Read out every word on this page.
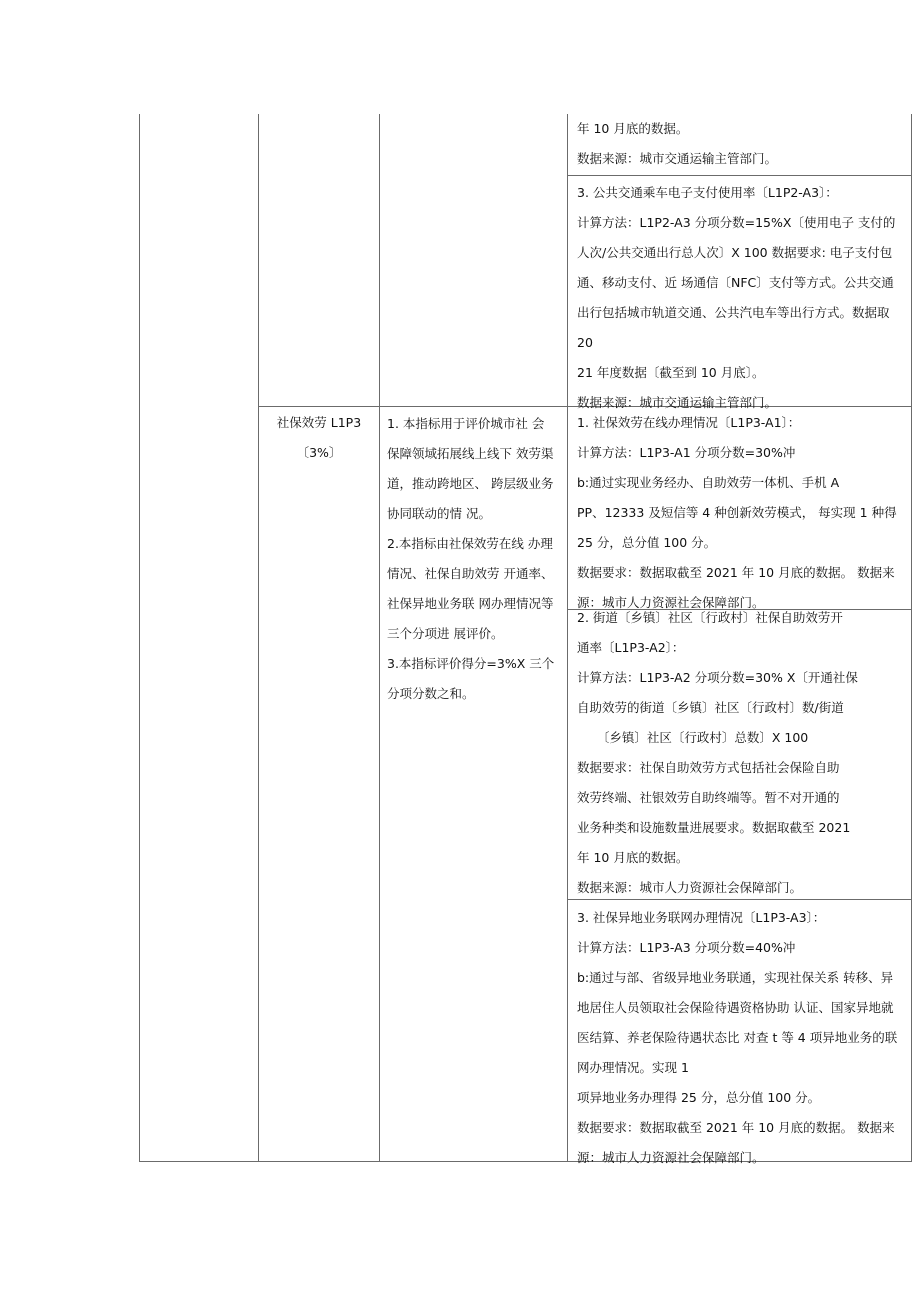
年 10 月底的数据。
数据来源：城市交通运输主管部门。
3. 公共交通乘车电子支付使用率〔L1P2-A3〕：
计算方法：L1P2-A3 分项分数=15%X〔使用电子 支付的
人次/公共交通出行总人次〕X 100 数据要求: 电子支付包
通、移动支付、近 场通信〔NFC〕支付等方式。公共交通
出行包括城市轨道交通、公共汽电车等出行方式。数据取
20
21 年度数据〔截至到 10 月底〕。
数据来源：城市交通运输主管部门。
1. 社保效劳在线办理情况〔L1P3-A1〕：
计算方法：L1P3-A1 分项分数=30%冲
b:通过实现业务经办、自助效劳一体机、手机 A
PP、12333 及短信等 4 种创新效劳模式， 每实现 1 种得
25 分，总分值 100 分。
数据要求：数据取截至 2021 年 10 月底的数据。 数据来
源：城市人力资源社会保障部门。
2. 街道〔乡镇〕社区〔行政村〕社保自助效劳开
通率〔L1P3-A2〕：
计算方法：L1P3-A2 分项分数=30% X〔开通社保
自助效劳的街道〔乡镇〕社区〔行政村〕数/街道
〔乡镇〕社区〔行政村〕总数〕X 100
数据要求：社保自助效劳方式包括社会保险自助
效劳终端、社银效劳自助终端等。暂不对开通的
业务种类和设施数量进展要求。数据取截至 2021
年 10 月底的数据。
数据来源：城市人力资源社会保障部门。
3. 社保异地业务联网办理情况〔L1P3-A3〕：
计算方法：L1P3-A3 分项分数=40%冲
b:通过与部、省级异地业务联通，实现社保关系 转移、异
地居住人员领取社会保险待遇资格协助 认证、国家异地就
医结算、养老保险待遇状态比 对查 t 等 4 项异地业务的联
网办理情况。实现 1
项异地业务办理得 25 分，总分值 100 分。
数据要求：数据取截至 2021 年 10 月底的数据。 数据来
源：城市人力资源社会保障部门。
社保效劳 L1P3
〔3%〕
1. 本指标用于评价城市社 会
保障领域拓展线上线下 效劳渠
道，推动跨地区、 跨层级业务
协同联动的情 况。
2.本指标由社保效劳在线 办理
情况、社保自助效劳 开通率、
社保异地业务联 网办理情况等
三个分项进 展评价。
3.本指标评价得分=3%X 三个
分项分数之和。
